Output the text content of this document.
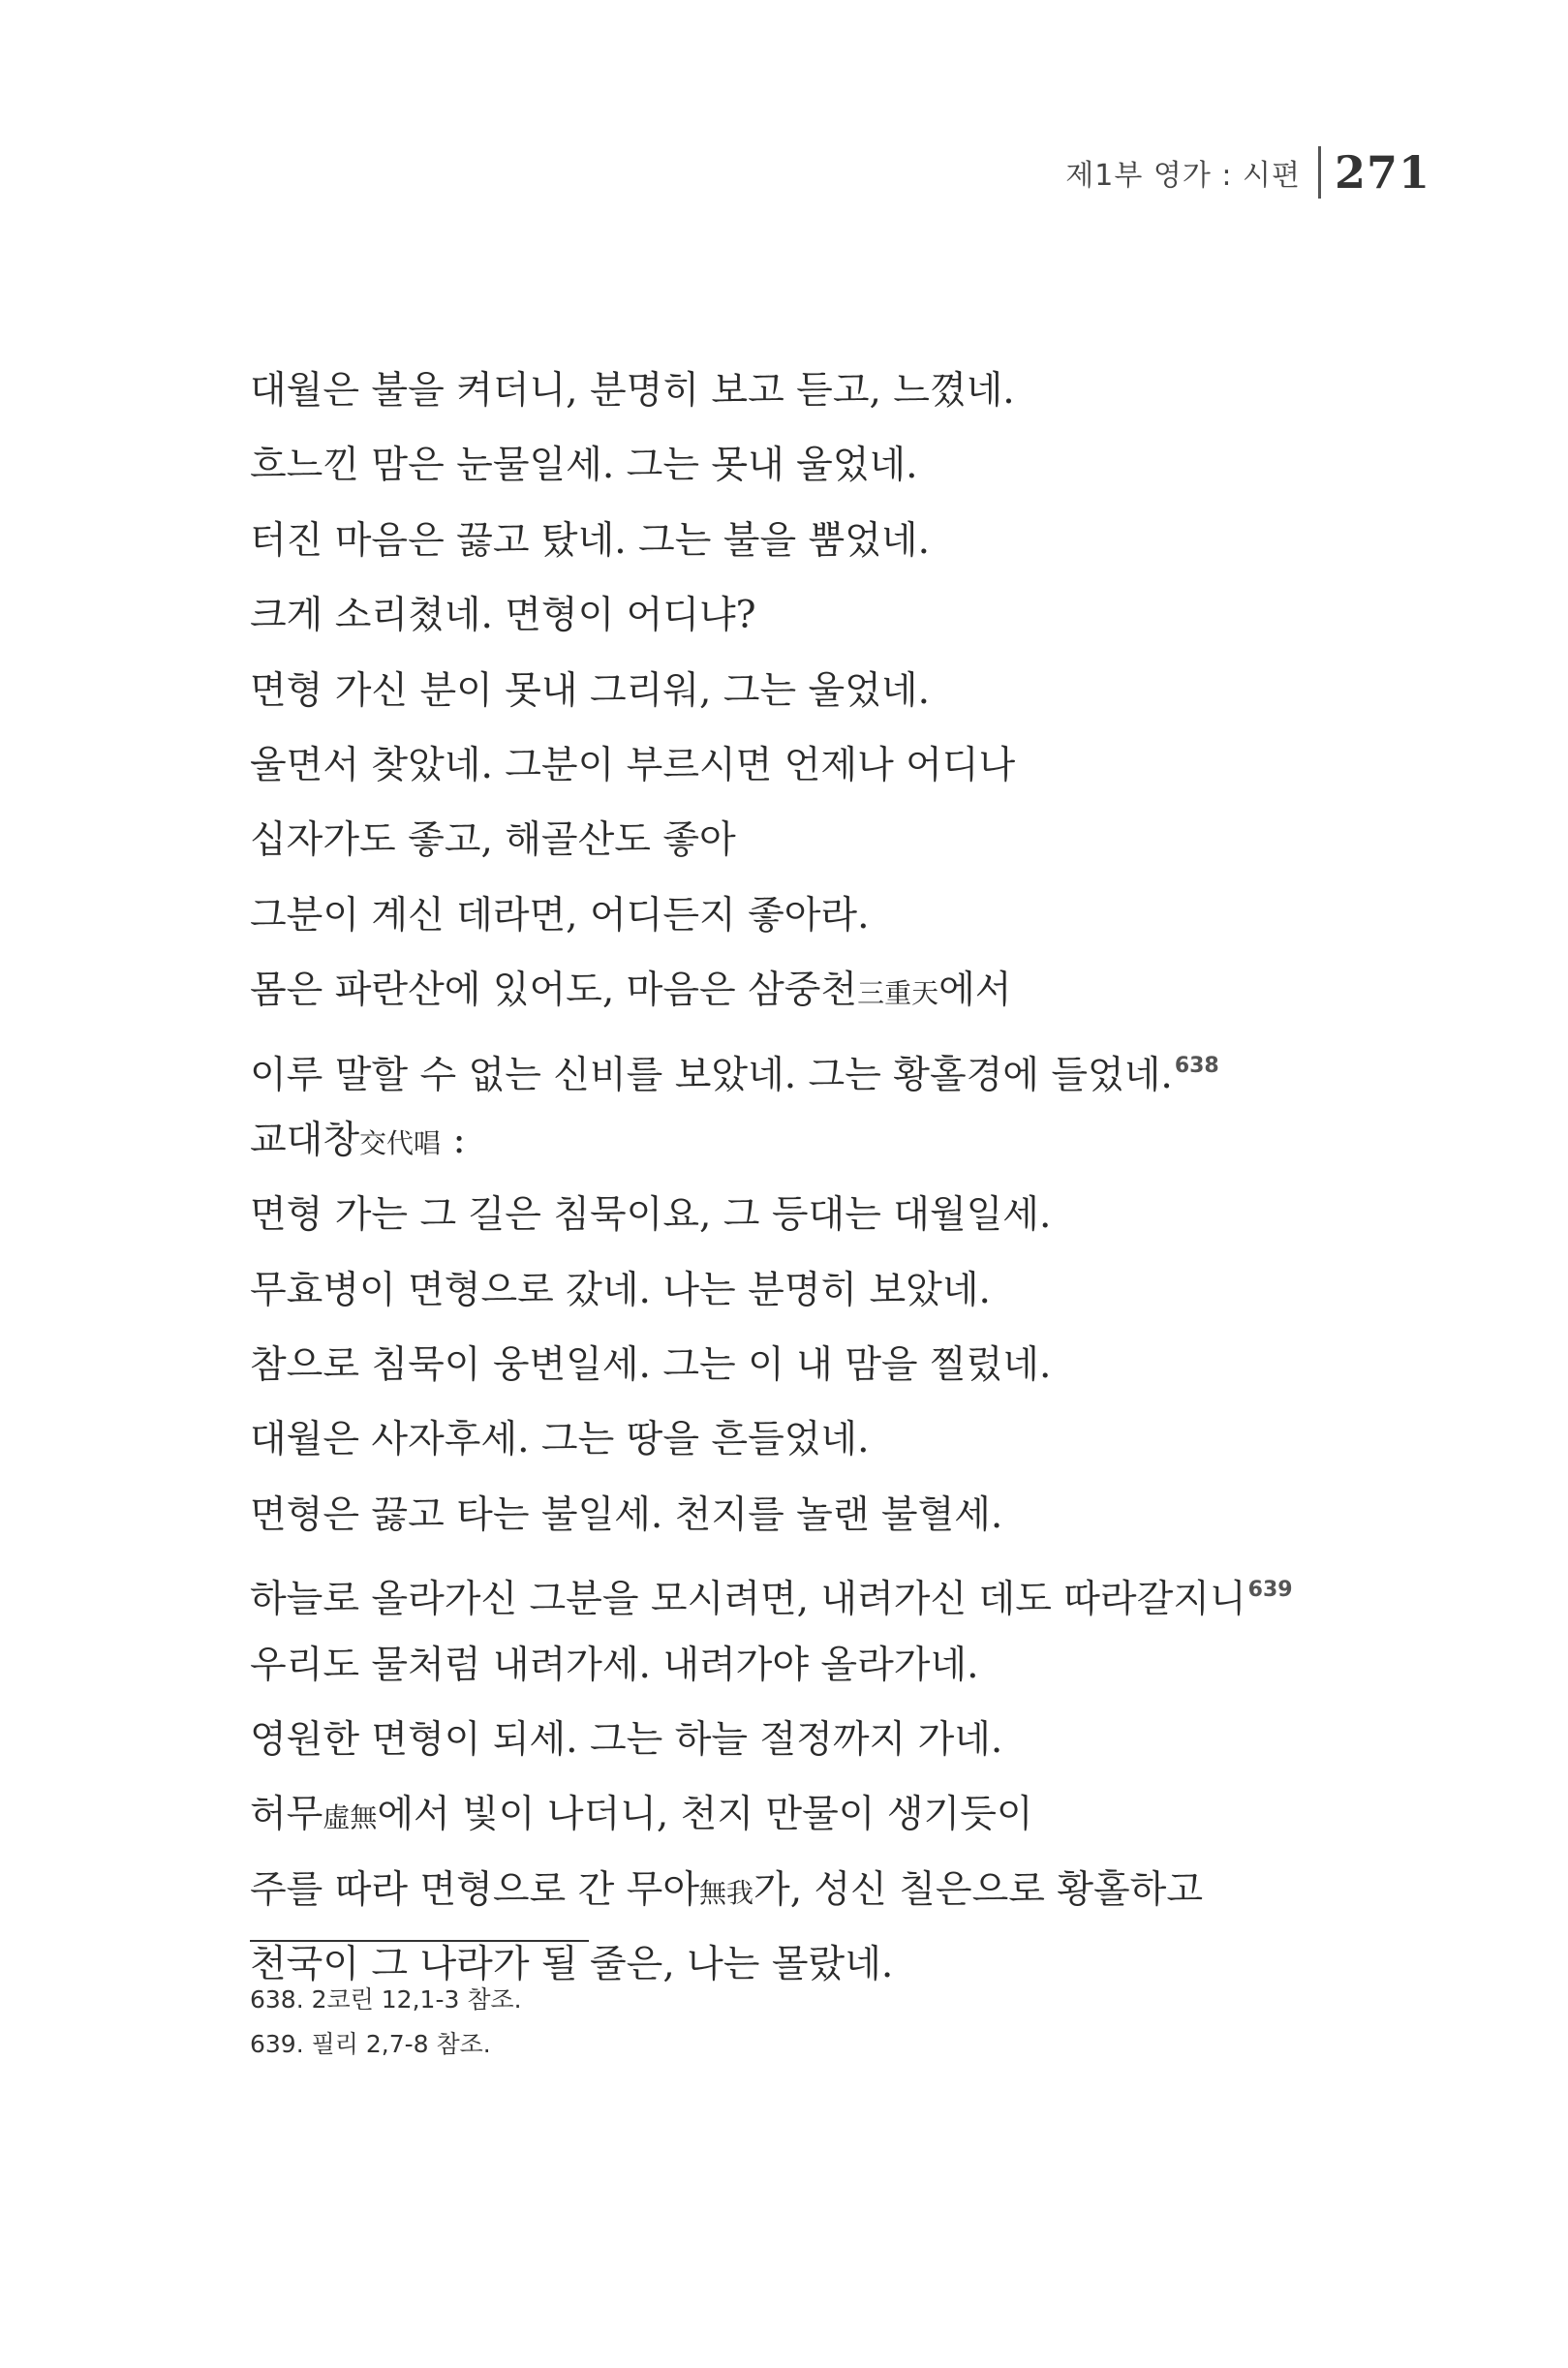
제1부 영가 : 시편 271
대월은 불을 켜더니, 분명히 보고 듣고, 느꼈네.
흐느낀 맘은 눈물일세. 그는 못내 울었네.
터진 마음은 끓고 탔네. 그는 불을 뿜었네.
크게 소리쳤네. 면형이 어디냐?
면형 가신 분이 못내 그리워, 그는 울었네.
울면서 찾았네. 그분이 부르시면 언제나 어디나
십자가도 좋고, 해골산도 좋아
그분이 계신 데라면, 어디든지 좋아라.
몸은 파란산에 있어도, 마음은 삼중천三重天에서
이루 말할 수 없는 신비를 보았네. 그는 황홀경에 들었네.$^{638}$
교대창交代唱 :
면형 가는 그 길은 침묵이요, 그 등대는 대월일세.
무효병이 면형으로 갔네. 나는 분명히 보았네.
참으로 침묵이 웅변일세. 그는 이 내 맘을 찔렀네.
대월은 사자후세. 그는 땅을 흔들었네.
면형은 끓고 타는 불일세. 천지를 놀랜 불혈세.
하늘로 올라가신 그분을 모시려면, 내려가신 데도 따라갈지니$^{639}$
우리도 물처럼 내려가세. 내려가야 올라가네.
영원한 면형이 되세. 그는 하늘 절정까지 가네.
허무虛無에서 빛이 나더니, 천지 만물이 생기듯이
주를 따라 면형으로 간 무아無我가, 성신 칠은으로 황홀하고
천국이 그 나라가 될 줄은, 나는 몰랐네.
638. 2코린 12,1-3 참조.
639. 필리 2,7-8 참조.
